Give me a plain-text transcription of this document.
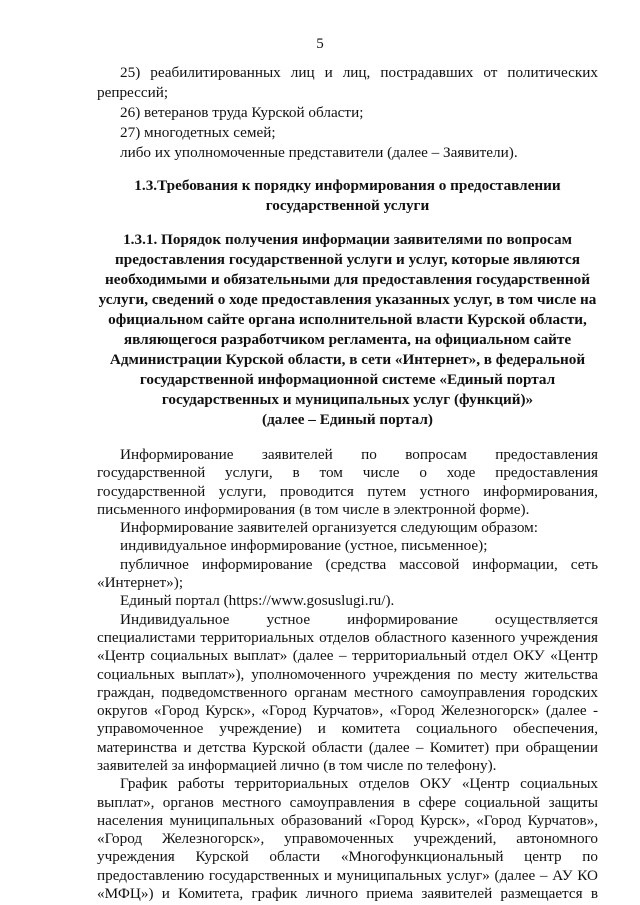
5
25) реабилитированных лиц и лиц, пострадавших от политических
репрессий;
26) ветеранов труда Курской области;
27) многодетных семей;
либо их уполномоченные представители (далее – Заявители).
1.3.Требования к порядку информирования о предоставлении
государственной услуги
1.3.1. Порядок получения информации заявителями по вопросам
предоставления государственной услуги и услуг, которые являются
необходимыми и обязательными для предоставления государственной
услуги, сведений о ходе предоставления указанных услуг, в том числе на
официальном сайте органа исполнительной власти Курской области,
являющегося разработчиком регламента, на официальном сайте
Администрации Курской области, в сети «Интернет», в федеральной
государственной информационной системе «Единый портал
государственных и муниципальных услуг (функций)»
(далее – Единый портал)
Информирование заявителей по вопросам предоставления
государственной услуги, в том числе о ходе предоставления
государственной услуги, проводится путем устного информирования,
письменного информирования (в том числе в электронной форме).
Информирование заявителей организуется следующим образом:
индивидуальное информирование (устное, письменное);
публичное информирование (средства массовой информации, сеть
«Интернет»);
Единый портал (https://www.gosuslugi.ru/).
Индивидуальное устное информирование осуществляется
специалистами территориальных отделов областного казенного учреждения
«Центр социальных выплат» (далее – территориальный отдел ОКУ «Центр
социальных выплат»), уполномоченного учреждения по месту жительства
граждан, подведомственного органам местного самоуправления городских
округов «Город Курск», «Город Курчатов», «Город Железногорск» (далее -
управомоченное учреждение) и комитета социального обеспечения,
материнства и детства Курской области (далее – Комитет) при обращении
заявителей за информацией лично (в том числе по телефону).
График работы территориальных отделов ОКУ «Центр социальных
выплат», органов местного самоуправления в сфере социальной защиты
населения муниципальных образований «Город Курск», «Город Курчатов»,
«Город Железногорск», управомоченных учреждений, автономного
учреждения Курской области «Многофункциональный центр по
предоставлению государственных и муниципальных услуг» (далее – АУ КО
«МФЦ») и Комитета, график личного приема заявителей размещается в
